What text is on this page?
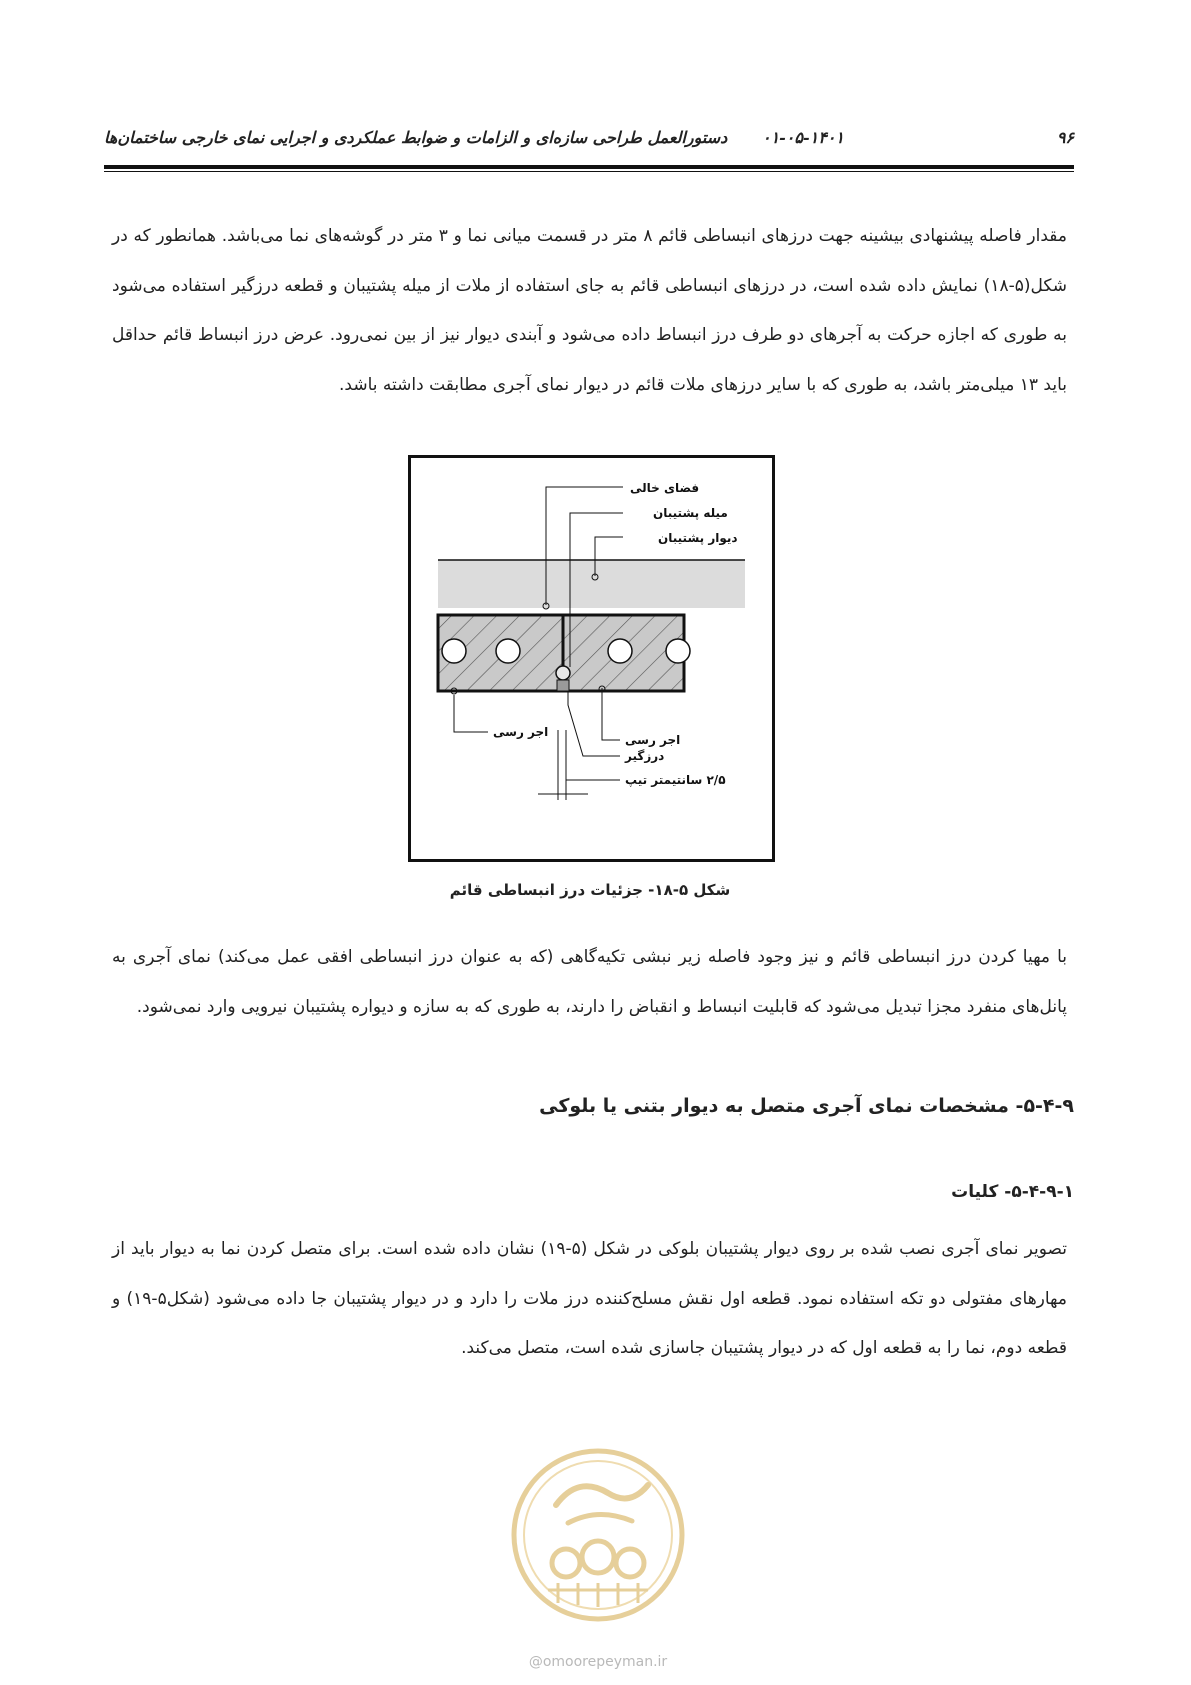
۹۶
۰۱-۰۵-۱۴۰۱
دستورالعمل طراحی سازه‌ای و الزامات و ضوابط عملکردی و اجرایی نمای خارجی ساختمان‌ها
مقدار فاصله پیشنهادی بیشینه جهت درزهای انبساطی قائم ۸ متر در قسمت میانی نما و ۳ متر در گوشه‌های نما می‌باشد. همانطور که در شکل(۵-۱۸) نمایش داده شده است، در درزهای انبساطی قائم به جای استفاده از ملات از میله پشتیبان و قطعه درزگیر استفاده می‌شود به طوری که اجازه حرکت به آجرهای دو طرف درز انبساط داده می‌شود و آبندی دیوار نیز از بین نمی‌رود. عرض درز انبساط قائم حداقل باید ۱۳ میلی‌متر باشد، به طوری که با سایر درزهای ملات قائم در دیوار نمای آجری مطابقت داشته باشد.
فضای خالی
میله پشتیبان
دیوار پشتیبان
اجر رسی
اجر رسی
درزگیر
۲/۵ سانتیمتر تیپ
شکل ۵-۱۸- جزئیات درز انبساطی قائم
با مهیا کردن درز انبساطی قائم و نیز وجود فاصله زیر نبشی تکیه‌گاهی (که به عنوان درز انبساطی افقی عمل می‌کند) نمای آجری به پانل‌های منفرد مجزا تبدیل می‌شود که قابلیت انبساط و انقباض را دارند، به طوری که به سازه و دیواره پشتیبان نیرویی وارد نمی‌شود.
۵-۴-۹- مشخصات نمای آجری متصل به دیوار بتنی یا بلوکی
۵-۴-۹-۱- کلیات
تصویر نمای آجری نصب شده بر روی دیوار پشتیبان بلوکی در شکل (۵-۱۹) نشان داده شده است. برای متصل کردن نما به دیوار باید از مهارهای مفتولی دو تکه استفاده نمود. قطعه اول نقش مسلح‌کننده درز ملات را دارد و در دیوار پشتیبان جا داده می‌شود (شکل۵-۱۹) و قطعه دوم، نما را به قطعه اول که در دیوار پشتیبان جاسازی شده است، متصل می‌کند.
@omoorepeyman.ir
